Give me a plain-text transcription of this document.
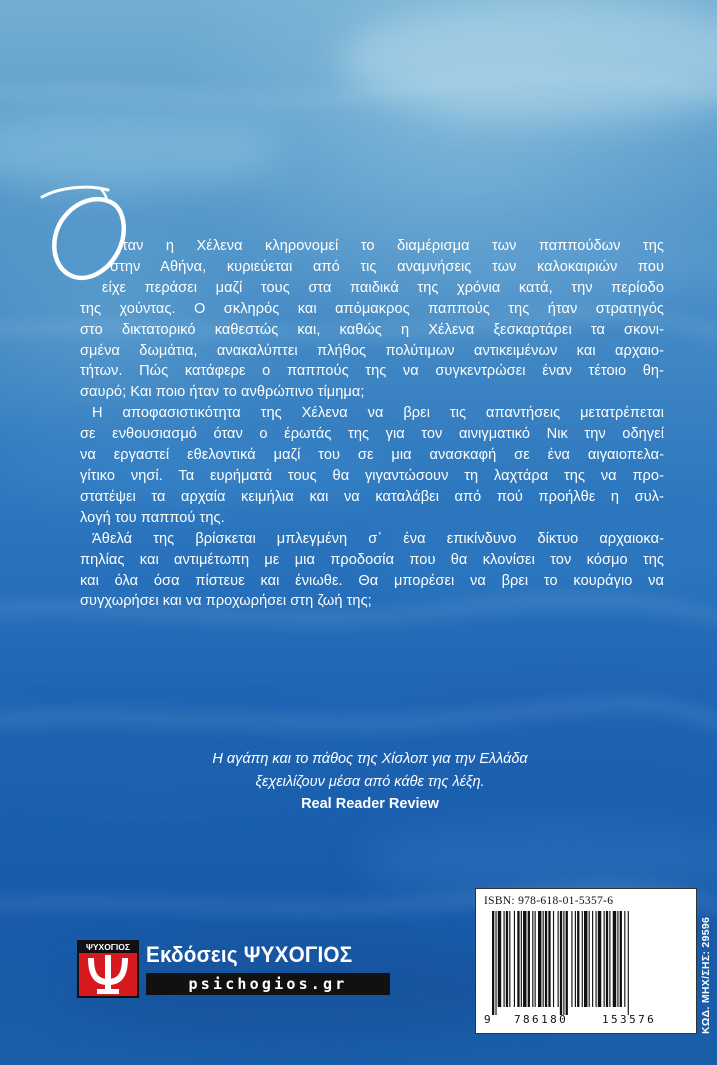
ταν η Χέλενα κληρονομεί το διαμέρισμα των παππούδων της
στην Αθήνα, κυριεύεται από τις αναμνήσεις των καλοκαιριών που
είχε περάσει μαζί τους στα παιδικά της χρόνια κατά, την περίοδο
της χούντας. Ο σκληρός και απόμακρος παππούς της ήταν στρατηγός
στο δικτατορικό καθεστώς και, καθώς η Χέλενα ξεσκαρτάρει τα σκονι-
σμένα δωμάτια, ανακαλύπτει πλήθος πολύτιμων αντικειμένων και αρχαιο-
τήτων. Πώς κατάφερε ο παππούς της να συγκεντρώσει έναν τέτοιο θη-
σαυρό; Και ποιο ήταν το ανθρώπινο τίμημα;

Η αποφασιστικότητα της Χέλενα να βρει τις απαντήσεις μετατρέπεται
σε ενθουσιασμό όταν ο έρωτάς της για τον αινιγματικό Νικ την οδηγεί
να εργαστεί εθελοντικά μαζί του σε μια ανασκαφή σε ένα αιγαιοπελα-
γίτικο νησί. Τα ευρήματά τους θα γιγαντώσουν τη λαχτάρα της να προ-
στατέψει τα αρχαία κειμήλια και να καταλάβει από πού προήλθε η συλ-
λογή του παππού της.

Άθελά της βρίσκεται μπλεγμένη σ᾽ ένα επικίνδυνο δίκτυο αρχαιοκα-
πηλίας και αντιμέτωπη με μια προδοσία που θα κλονίσει τον κόσμο της
και όλα όσα πίστευε και ένιωθε. Θα μπορέσει να βρει το κουράγιο να
συγχωρήσει και να προχωρήσει στη ζωή της;

Η αγάπη και το πάθος της Χίσλοπ για την Ελλάδα
ξεχειλίζουν μέσα από κάθε της λέξη.
Real Reader Review
ΨΥΧΟΓΙΟΣ Εκδόσεις ΨΥΧΟΓΙΟΣ
psichogios.gr
ISBN: 978-618-01-5357-6
9 786180	153576	ΚΩΔ. ΜΗΧ/ΣΗΣ: 29596
